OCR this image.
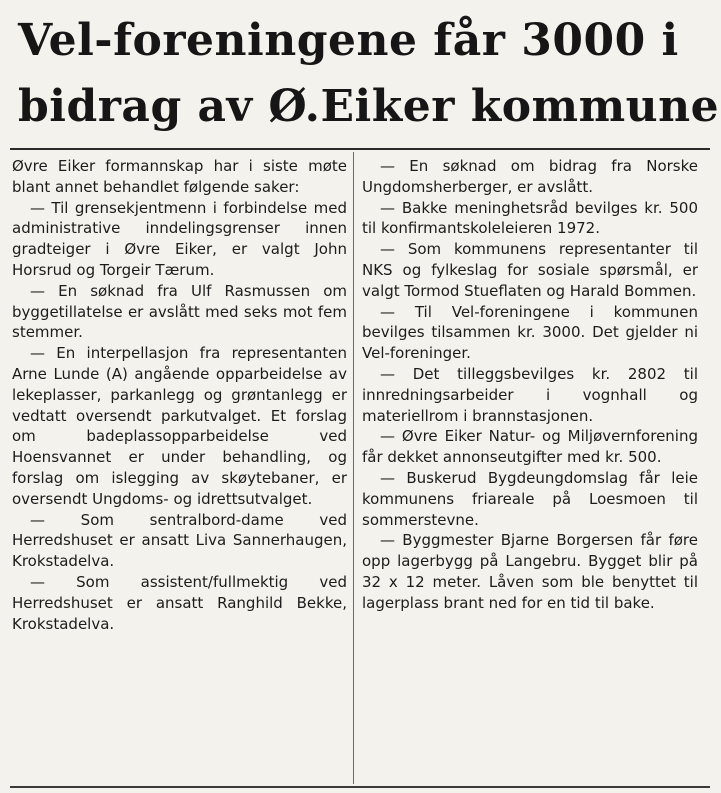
Vel-foreningene får 3000 i
bidrag av Ø.Eiker kommune

Øvre Eiker formannskap har i siste møte blant annet behandlet følgende saker:

— Til grensekjentmenn i forbindelse med administrative inndelingsgrenser innen gradteiger i Øvre Eiker, er valgt John Horsrud og Torgeir Tærum.

— En søknad fra Ulf Rasmussen om byggetillatelse er avslått med seks mot fem stemmer.

— En interpellasjon fra representanten Arne Lunde (A) angående opparbeidelse av lekeplasser, parkanlegg og grøntanlegg er vedtatt oversendt parkutvalget. Et forslag om badeplassopparbeidelse ved Hoensvannet er under behandling, og forslag om islegging av skøytebaner, er oversendt Ungdoms- og idrettsutvalget.

— Som sentralbord-dame ved Herredshuset er ansatt Liva Sannerhaugen, Krokstadelva.

— Som assistent/fullmektig ved Herredshuset er ansatt Ranghild Bekke, Krokstadelva.

— En søknad om bidrag fra Norske Ungdomsherberger, er avslått.

— Bakke meninghetsråd bevilges kr. 500 til konfirmantskoleleieren 1972.

— Som kommunens representanter til NKS og fylkeslag for sosiale spørsmål, er valgt Tormod Stueflaten og Harald Bommen.

— Til Vel-foreningene i kommunen bevilges tilsammen kr. 3000. Det gjelder ni Vel-foreninger.

— Det tilleggsbevilges kr. 2802 til innredningsarbeider i vognhall og materiellrom i brannstasjonen.

— Øvre Eiker Natur- og Miljøvernforening får dekket annonseutgifter med kr. 500.

— Buskerud Bygdeungdomslag får leie kommunens friareale på Loesmoen til sommerstevne.

— Byggmester Bjarne Borgersen får føre opp lagerbygg på Langebru. Bygget blir på 32 x 12 meter. Låven som ble benyttet til lagerplass brant ned for en tid til bake.
